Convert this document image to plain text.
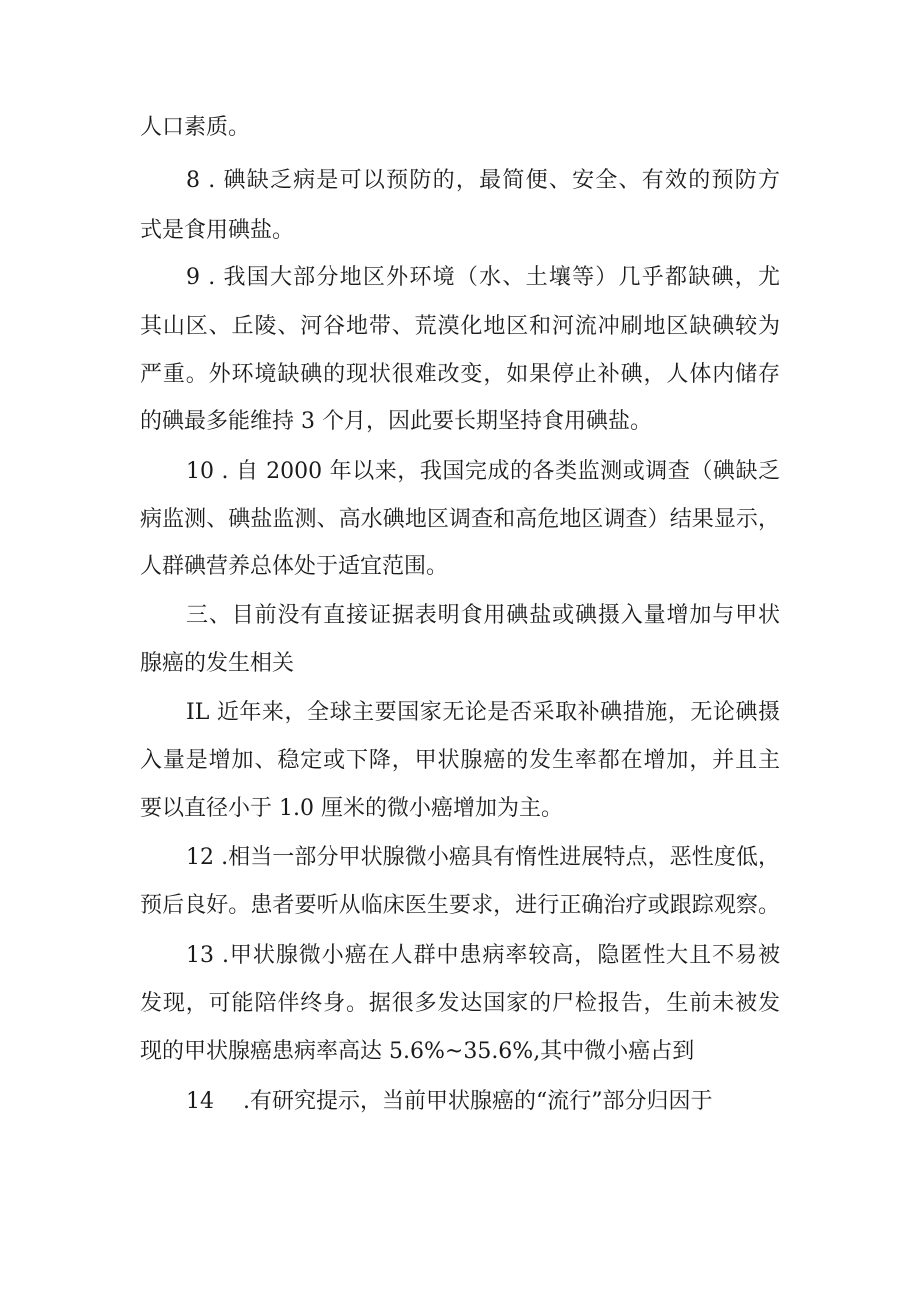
人口素质。
8 . 碘缺乏病是可以预防的，最简便、安全、有效的预防方
式是食用碘盐。
9 . 我国大部分地区外环境（水、土壤等）几乎都缺碘，尤
其山区、丘陵、河谷地带、荒漠化地区和河流冲刷地区缺碘较为
严重。外环境缺碘的现状很难改变，如果停止补碘，人体内储存
的碘最多能维持 3 个月，因此要长期坚持食用碘盐。
10 . 自 2000 年以来，我国完成的各类监测或调查（碘缺乏
病监测、碘盐监测、高水碘地区调查和高危地区调查）结果显示，
人群碘营养总体处于适宜范围。
三、目前没有直接证据表明食用碘盐或碘摄入量增加与甲状
腺癌的发生相关
IL 近年来，全球主要国家无论是否采取补碘措施，无论碘摄
入量是增加、稳定或下降，甲状腺癌的发生率都在增加，并且主
要以直径小于 1.0 厘米的微小癌增加为主。
12 .相当一部分甲状腺微小癌具有惰性进展特点，恶性度低，
预后良好。患者要听从临床医生要求，进行正确治疗或跟踪观察。
13 .甲状腺微小癌在人群中患病率较高，隐匿性大且不易被
发现，可能陪伴终身。据很多发达国家的尸检报告，生前未被发
现的甲状腺癌患病率高达 5.6%~35.6%,其中微小癌占到
14　 .有研究提示，当前甲状腺癌的“流行”部分归因于
